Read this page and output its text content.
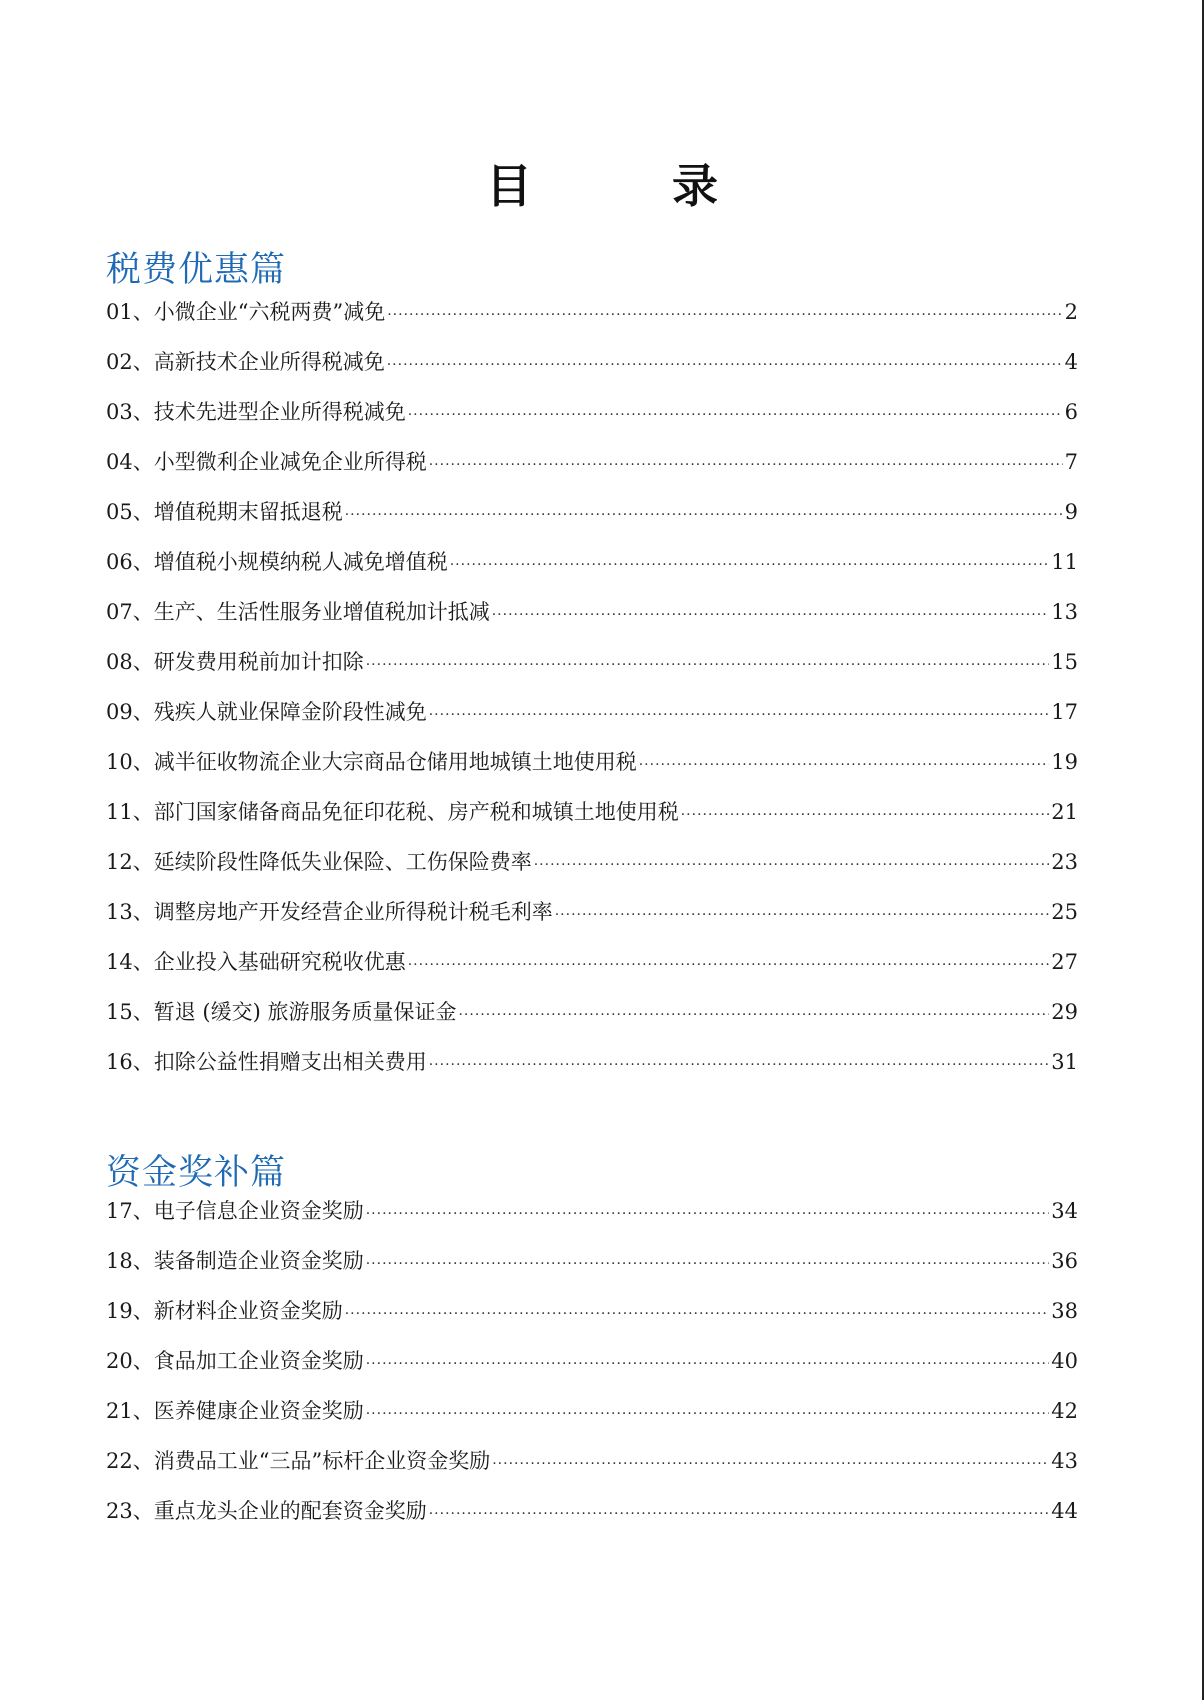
目 录
税费优惠篇
01、 小微企业“六税两费”减免 ·····	2
02、 高新技术企业所得税减免 ·····	4
03、 技术先进型企业所得税减免 ·····	6
04、 小型微利企业减免企业所得税 ·····	7
05、 增值税期末留抵退税 ·····	9
06、 增值税小规模纳税人减免增值税 ·····	11
07、 生产、生活性服务业增值税加计抵减 ·····	13
08、 研发费用税前加计扣除 ·····	15
09、 残疾人就业保障金阶段性减免 ·····	17
10、 减半征收物流企业大宗商品仓储用地城镇土地使用税 ·····	19
11、 部门国家储备商品免征印花税、房产税和城镇土地使用税 ·····	21
12、 延续阶段性降低失业保险、工伤保险费率 ·····	23
13、 调整房地产开发经营企业所得税计税毛利率 ·····	25
14、 企业投入基础研究税收优惠 ·····	27
15、 暂退 (缓交) 旅游服务质量保证金 ·····	29
16、 扣除公益性捐赠支出相关费用 ·····	31
资金奖补篇
17、 电子信息企业资金奖励 ·····	34
18、 装备制造企业资金奖励 ·····	36
19、 新材料企业资金奖励 ·····	38
20、 食品加工企业资金奖励 ·····	40
21、 医养健康企业资金奖励 ·····	42
22、 消费品工业“三品”标杆企业资金奖励 ·····	43
23、 重点龙头企业的配套资金奖励 ·····	44
